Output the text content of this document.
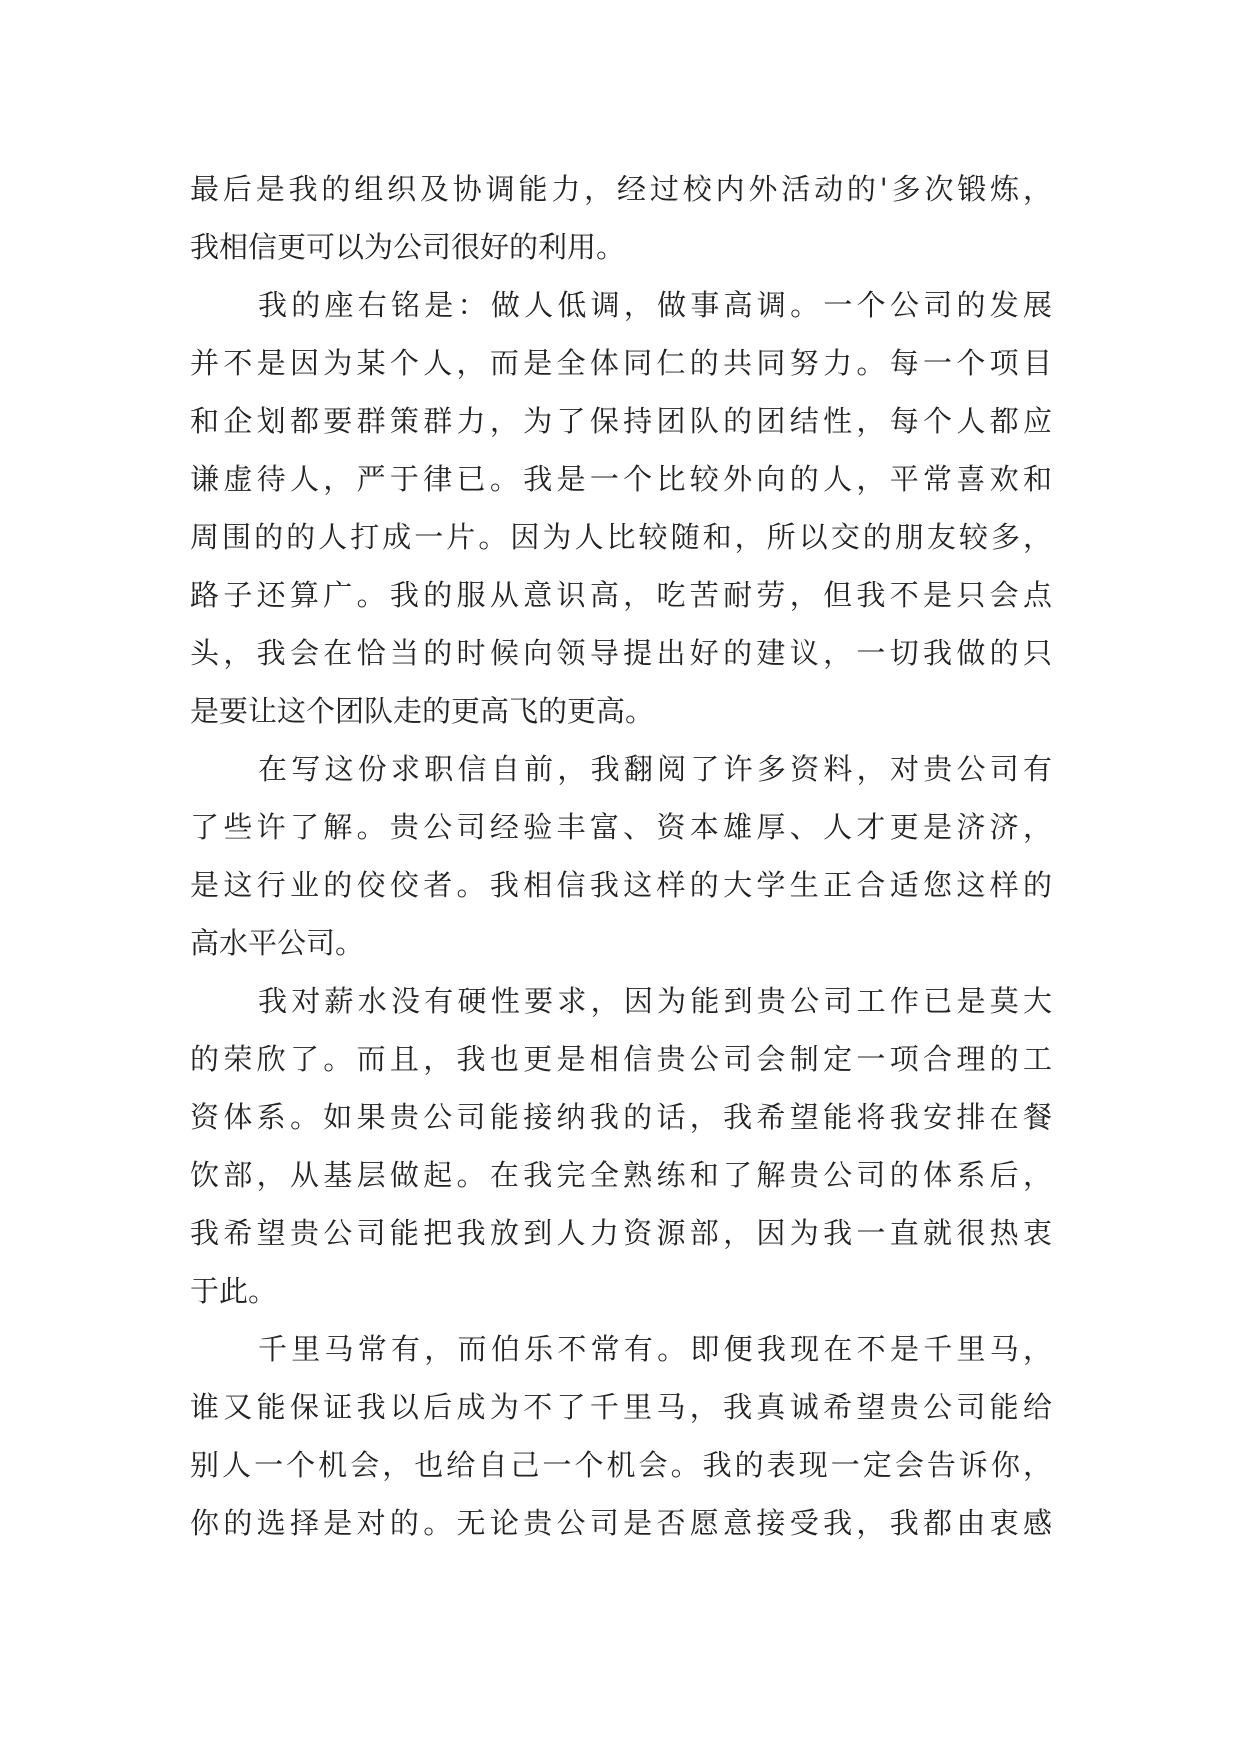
最后是我的组织及协调能力，经过校内外活动的'多次锻炼，
我相信更可以为公司很好的利用。
我的座右铭是：做人低调，做事高调。一个公司的发展
并不是因为某个人，而是全体同仁的共同努力。每一个项目
和企划都要群策群力，为了保持团队的团结性，每个人都应
谦虚待人，严于律已。我是一个比较外向的人，平常喜欢和
周围的的人打成一片。因为人比较随和，所以交的朋友较多，
路子还算广。我的服从意识高，吃苦耐劳，但我不是只会点
头，我会在恰当的时候向领导提出好的建议，一切我做的只
是要让这个团队走的更高飞的更高。
在写这份求职信自前，我翻阅了许多资料，对贵公司有
了些许了解。贵公司经验丰富、资本雄厚、人才更是济济，
是这行业的佼佼者。我相信我这样的大学生正合适您这样的
高水平公司。
我对薪水没有硬性要求，因为能到贵公司工作已是莫大
的荣欣了。而且，我也更是相信贵公司会制定一项合理的工
资体系。如果贵公司能接纳我的话，我希望能将我安排在餐
饮部，从基层做起。在我完全熟练和了解贵公司的体系后，
我希望贵公司能把我放到人力资源部，因为我一直就很热衷
于此。
千里马常有，而伯乐不常有。即便我现在不是千里马，
谁又能保证我以后成为不了千里马，我真诚希望贵公司能给
别人一个机会，也给自己一个机会。我的表现一定会告诉你，
你的选择是对的。无论贵公司是否愿意接受我，我都由衷感
